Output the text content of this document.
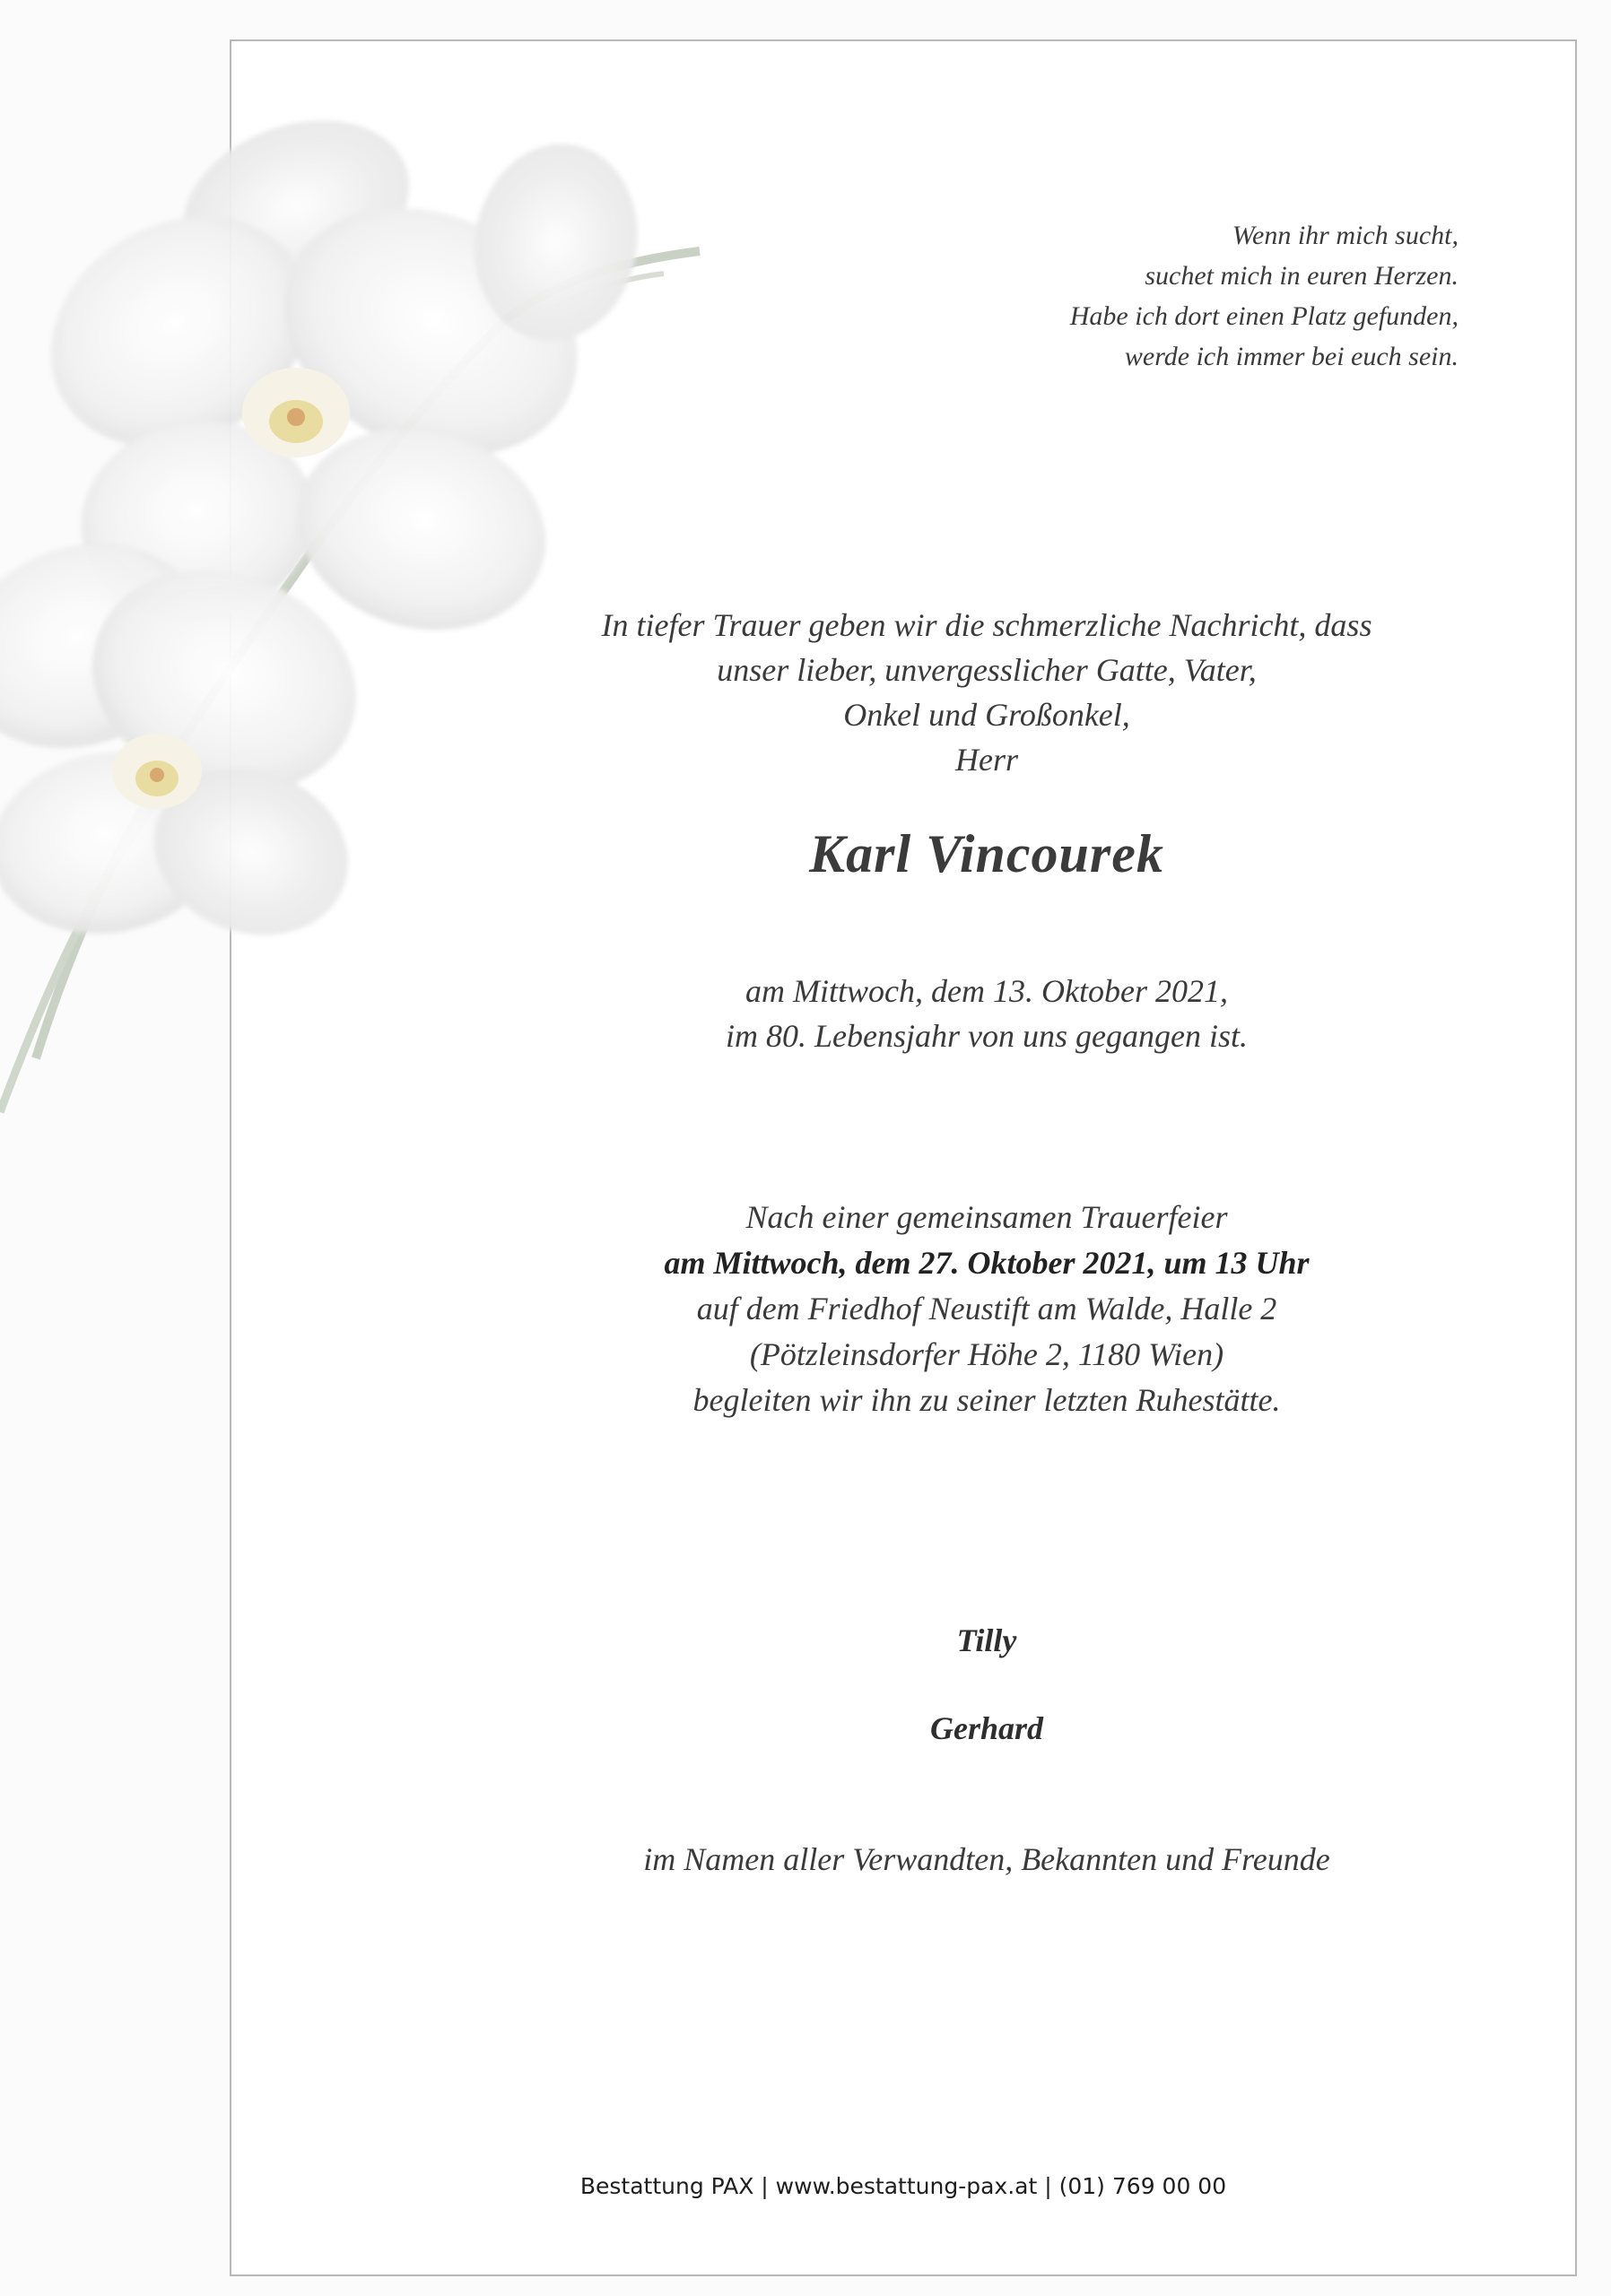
Wenn ihr mich sucht,
suchet mich in euren Herzen.
Habe ich dort einen Platz gefunden,
werde ich immer bei euch sein.
In tiefer Trauer geben wir die schmerzliche Nachricht, dass
unser lieber, unvergesslicher Gatte, Vater,
Onkel und Großonkel,
Herr
Karl Vincourek
am Mittwoch, dem 13. Oktober 2021,
im 80. Lebensjahr von uns gegangen ist.
Nach einer gemeinsamen Trauerfeier
am Mittwoch, dem 27. Oktober 2021, um 13 Uhr
auf dem Friedhof Neustift am Walde, Halle 2
(Pötzleinsdorfer Höhe 2, 1180 Wien)
begleiten wir ihn zu seiner letzten Ruhestätte.
Tilly
Gerhard
im Namen aller Verwandten, Bekannten und Freunde
Bestattung PAX | www.bestattung-pax.at | (01) 769 00 00
